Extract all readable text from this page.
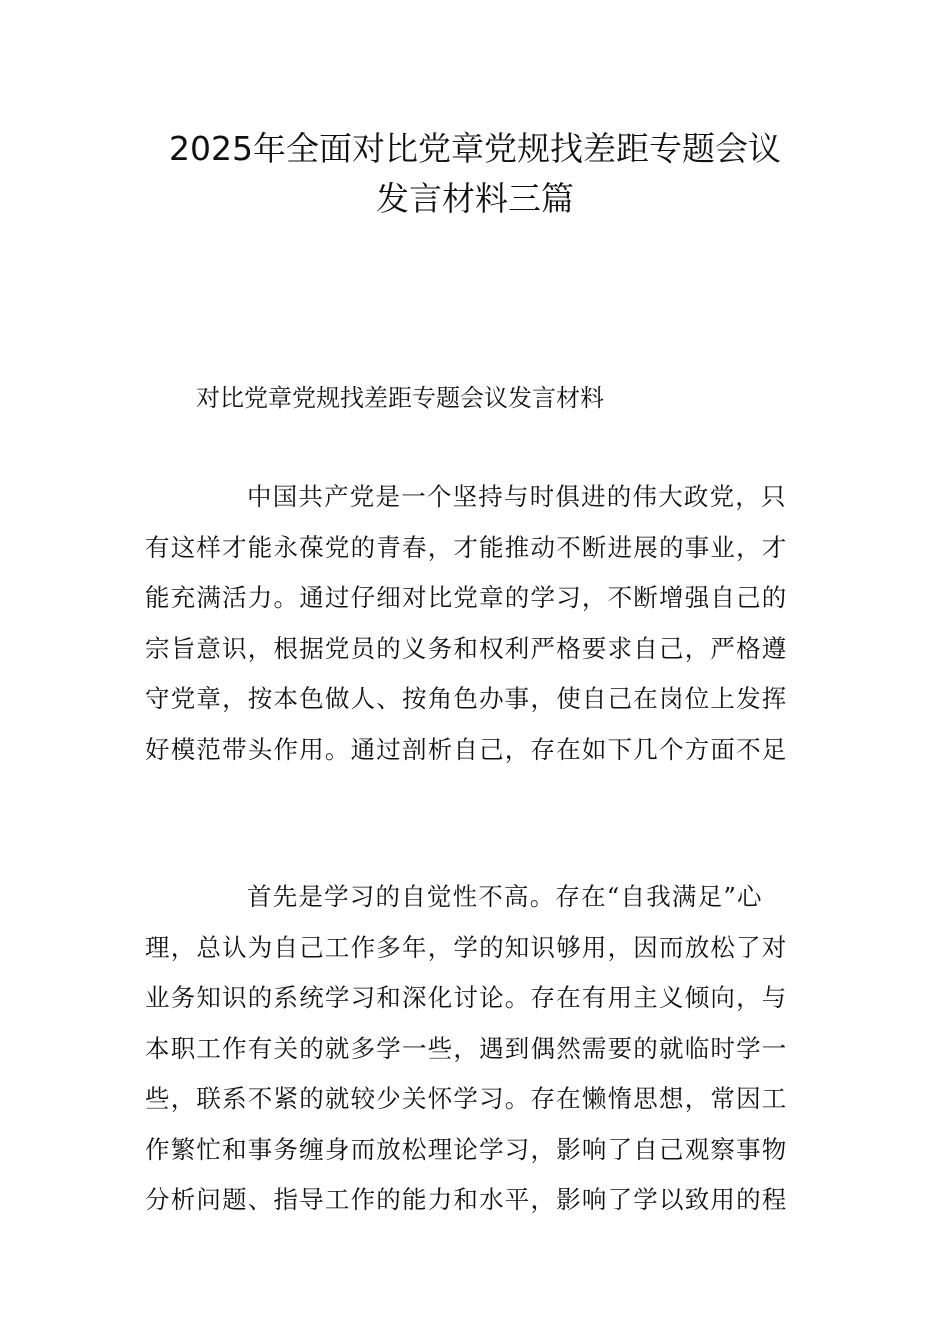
2025年全面对比党章党规找差距专题会议
发言材料三篇

对比党章党规找差距专题会议发言材料

中国共产党是一个坚持与时俱进的伟大政党，只
有这样才能永葆党的青春，才能推动不断进展的事业，才
能充满活力。通过仔细对比党章的学习，不断增强自己的
宗旨意识，根据党员的义务和权利严格要求自己，严格遵
守党章，按本色做人、按角色办事，使自己在岗位上发挥
好模范带头作用。通过剖析自己，存在如下几个方面不足
首先是学习的自觉性不高。存在“自我满足”心
理，总认为自己工作多年，学的知识够用，因而放松了对
业务知识的系统学习和深化讨论。存在有用主义倾向，与
本职工作有关的就多学一些，遇到偶然需要的就临时学一
些，联系不紧的就较少关怀学习。存在懒惰思想，常因工
作繁忙和事务缠身而放松理论学习，影响了自己观察事物
分析问题、指导工作的能力和水平，影响了学以致用的程
